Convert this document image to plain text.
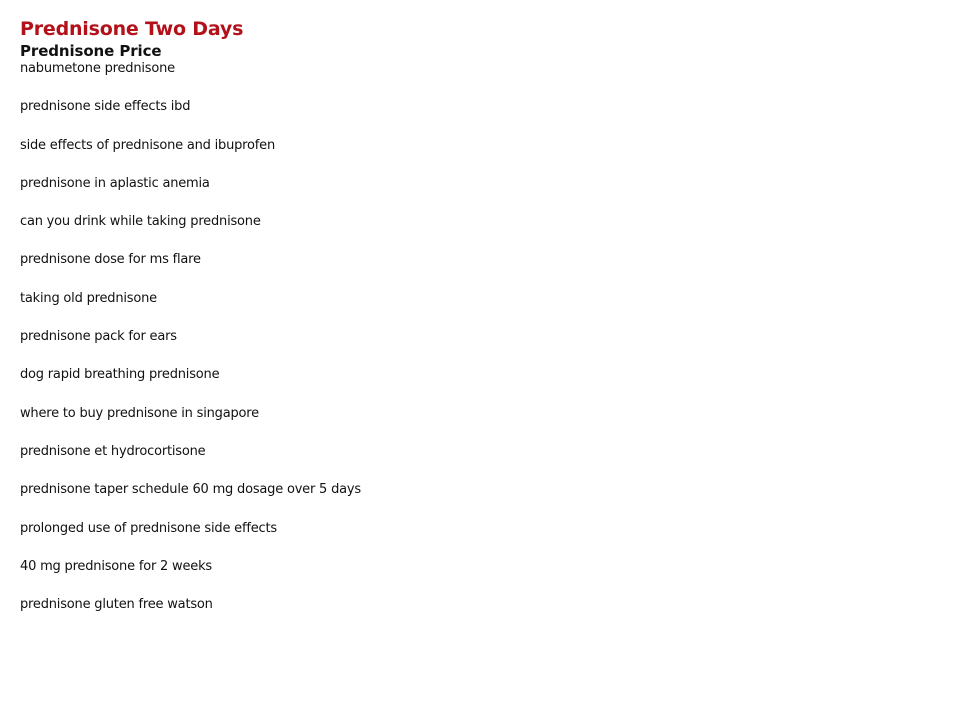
Prednisone Two Days
Prednisone Price
nabumetone prednisone
prednisone side effects ibd
side effects of prednisone and ibuprofen
prednisone in aplastic anemia
can you drink while taking prednisone
prednisone dose for ms flare
taking old prednisone
prednisone pack for ears
dog rapid breathing prednisone
where to buy prednisone in singapore
prednisone et hydrocortisone
prednisone taper schedule 60 mg dosage over 5 days
prolonged use of prednisone side effects
40 mg prednisone for 2 weeks
prednisone gluten free watson
